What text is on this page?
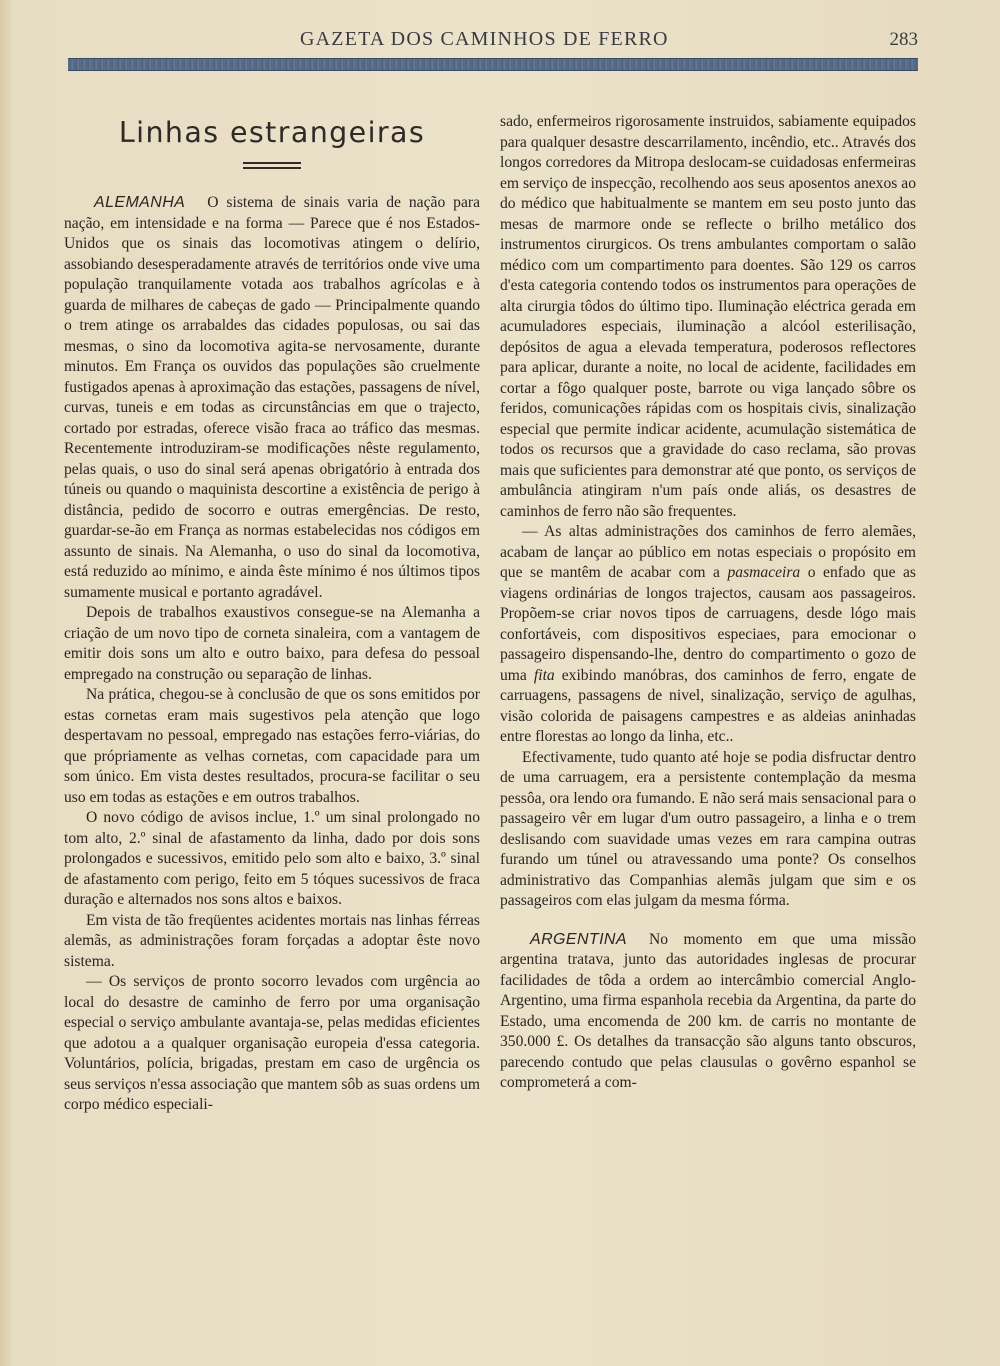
GAZETA DOS CAMINHOS DE FERRO	283
Linhas estrangeiras

ALEMANHA O sistema de sinais varia de nação para nação, em intensidade e na forma — Parece que é nos Estados-Unidos que os sinais das locomotivas atingem o delírio, assobiando desesperadamente através de territórios onde vive uma população tranquilamente votada aos trabalhos agrícolas e à guarda de milhares de cabeças de gado — Principalmente quando o trem atinge os arrabaldes das cidades populosas, ou sai das mesmas, o sino da locomotiva agita-se nervosamente, durante minutos. Em França os ouvidos das populações são cruelmente fustigados apenas à aproximação das estações, passagens de nível, curvas, tuneis e em todas as circunstâncias em que o trajecto, cortado por estradas, oferece visão fraca ao tráfico das mesmas. Recentemente introduziram-se modificações nêste regulamento, pelas quais, o uso do sinal será apenas obrigatório à entrada dos túneis ou quando o maquinista descortine a existência de perigo à distância, pedido de socorro e outras emergências. De resto, guardar-se-ão em França as normas estabelecidas nos códigos em assunto de sinais. Na Alemanha, o uso do sinal da locomotiva, está reduzido ao mínimo, e ainda êste mínimo é nos últimos tipos sumamente musical e portanto agradável.

Depois de trabalhos exaustivos consegue-se na Alemanha a criação de um novo tipo de corneta sinaleira, com a vantagem de emitir dois sons um alto e outro baixo, para defesa do pessoal empregado na construção ou separação de linhas.

Na prática, chegou-se à conclusão de que os sons emitidos por estas cornetas eram mais sugestivos pela atenção que logo despertavam no pessoal, empregado nas estações ferro-viárias, do que própriamente as velhas cornetas, com capacidade para um som único. Em vista destes resultados, procura-se facilitar o seu uso em todas as estações e em outros trabalhos.

O novo código de avisos inclue, 1.º um sinal prolongado no tom alto, 2.º sinal de afastamento da linha, dado por dois sons prolongados e sucessivos, emitido pelo som alto e baixo, 3.º sinal de afastamento com perigo, feito em 5 tóques sucessivos de fraca duração e alternados nos sons altos e baixos.

Em vista de tão freqüentes acidentes mortais nas linhas férreas alemãs, as administrações foram forçadas a adoptar êste novo sistema.

— Os serviços de pronto socorro levados com urgência ao local do desastre de caminho de ferro por uma organisação especial o serviço ambulante avantaja-se, pelas medidas eficientes que adotou a a qualquer organisação europeia d'essa categoria. Voluntários, polícia, brigadas, prestam em caso de urgência os seus serviços n'essa associação que mantem sôb as suas ordens um corpo médico especiali-

sado, enfermeiros rigorosamente instruidos, sabiamente equipados para qualquer desastre descarrilamento, incêndio, etc.. Através dos longos corredores da Mitropa deslocam-se cuidadosas enfermeiras em serviço de inspecção, recolhendo aos seus aposentos anexos ao do médico que habitualmente se mantem em seu posto junto das mesas de marmore onde se reflecte o brilho metálico dos instrumentos cirurgicos. Os trens ambulantes comportam o salão médico com um compartimento para doentes. São 129 os carros d'esta categoria contendo todos os instrumentos para operações de alta cirurgia tôdos do último tipo. Iluminação eléctrica gerada em acumuladores especiais, iluminação a alcóol esterilisação, depósitos de agua a elevada temperatura, poderosos reflectores para aplicar, durante a noite, no local de acidente, facilidades em cortar a fôgo qualquer poste, barrote ou viga lançado sôbre os feridos, comunicações rápidas com os hospitais civis, sinalização especial que permite indicar acidente, acumulação sistemática de todos os recursos que a gravidade do caso reclama, são provas mais que suficientes para demonstrar até que ponto, os serviços de ambulância atingiram n'um país onde aliás, os desastres de caminhos de ferro não são frequentes.

— As altas administrações dos caminhos de ferro alemães, acabam de lançar ao público em notas especiais o propósito em que se mantêm de acabar com a pasmaceira o enfado que as viagens ordinárias de longos trajectos, causam aos passageiros. Propõem-se criar novos tipos de carruagens, desde lógo mais confortáveis, com dispositivos especiaes, para emocionar o passageiro dispensando-lhe, dentro do compartimento o gozo de uma fita exibindo manóbras, dos caminhos de ferro, engate de carruagens, passagens de nivel, sinalização, serviço de agulhas, visão colorida de paisagens campestres e as aldeias aninhadas entre florestas ao longo da linha, etc..

Efectivamente, tudo quanto até hoje se podia disfructar dentro de uma carruagem, era a persistente contemplação da mesma pessôa, ora lendo ora fumando. E não será mais sensacional para o passageiro vêr em lugar d'um outro passageiro, a linha e o trem deslisando com suavidade umas vezes em rara campina outras furando um túnel ou atravessando uma ponte? Os conselhos administrativo das Companhias alemãs julgam que sim e os passageiros com elas julgam da mesma fórma.

ARGENTINA No momento em que uma missão argentina tratava, junto das autoridades inglesas de procurar facilidades de tôda a ordem ao intercâmbio comercial Anglo-Argentino, uma firma espanhola recebia da Argentina, da parte do Estado, uma encomenda de 200 km. de carris no montante de 350.000 £. Os detalhes da transacção são alguns tanto obscuros, parecendo contudo que pelas clausulas o govêrno espanhol se comprometerá a com-
